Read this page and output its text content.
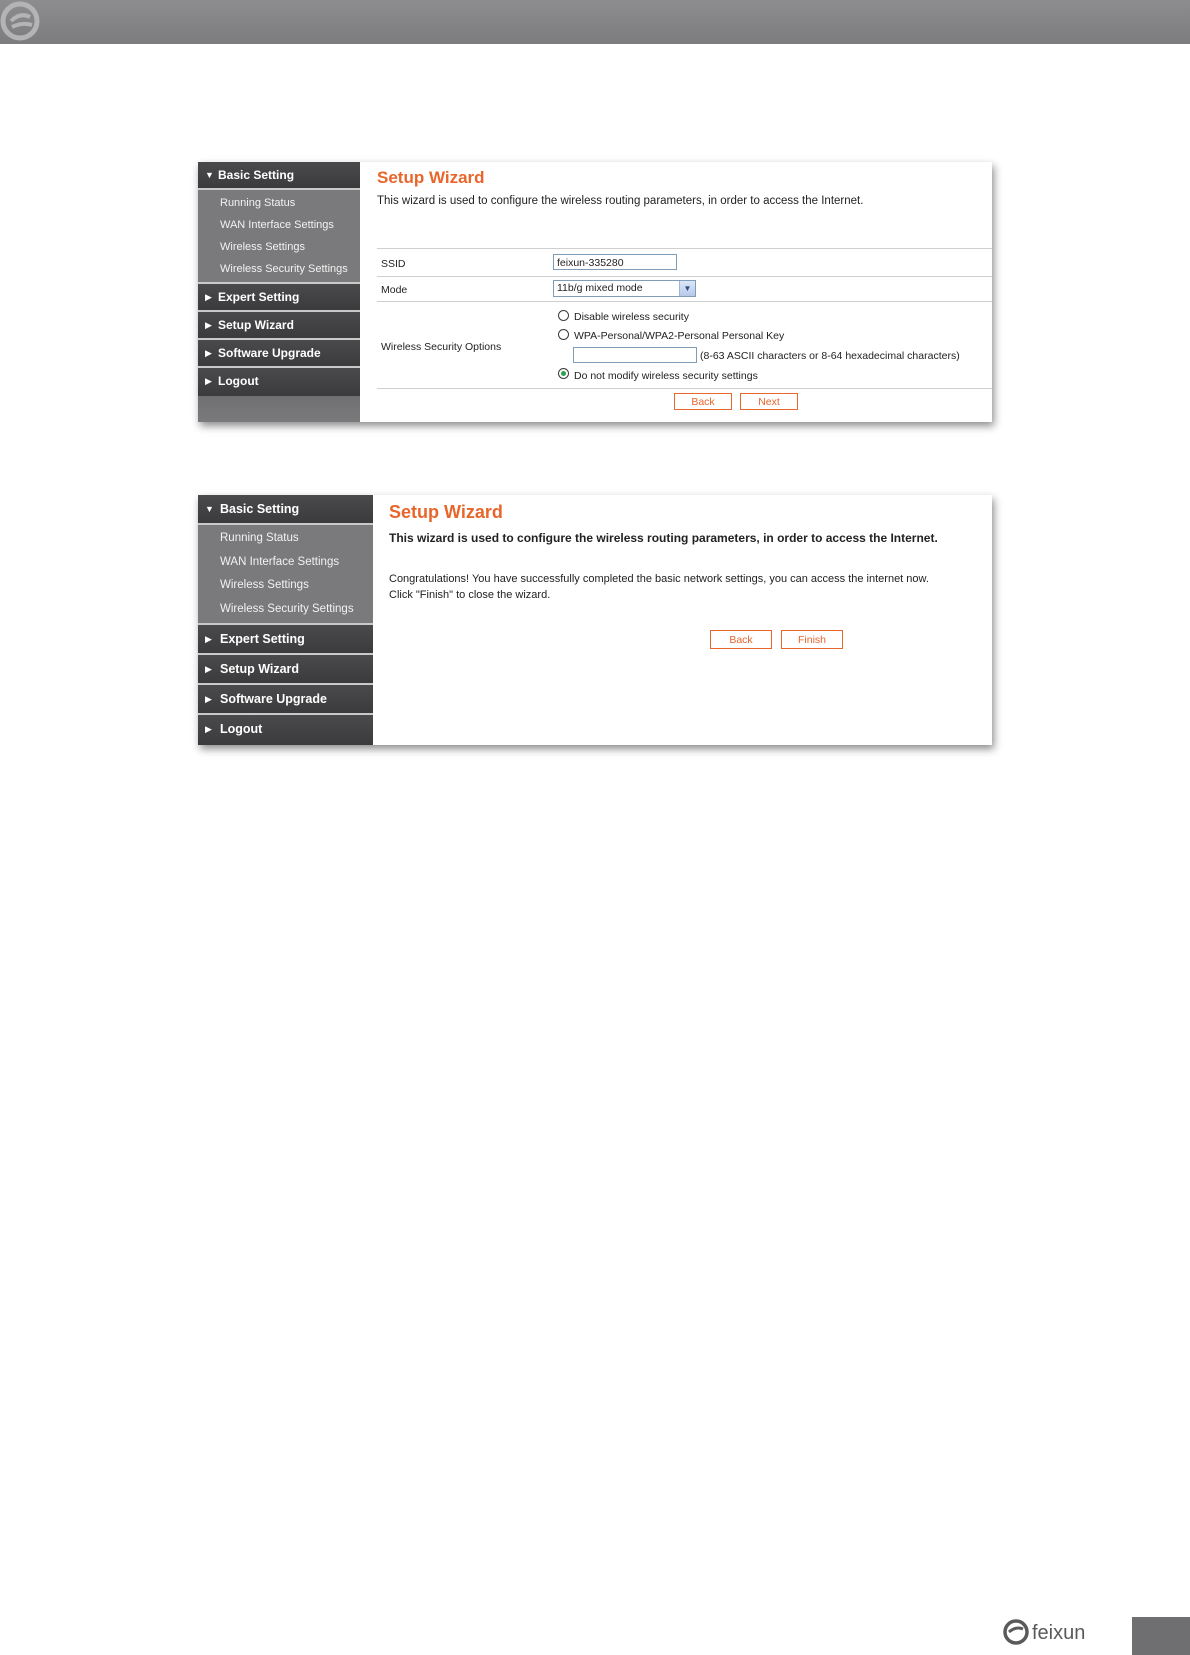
▼ Basic Setting
Running Status
WAN Interface Settings
Wireless Settings
Wireless Security Settings
▶ Expert Setting
▶ Setup Wizard
▶ Software Upgrade
▶ Logout
Setup Wizard
This wizard is used to configure the wireless routing parameters, in order to access the Internet.
SSID	feixun-335280
Mode	11b/g mixed mode	▼
Wireless Security Options
Disable wireless security
WPA-Personal/WPA2-Personal Personal Key
(8-63 ASCII characters or 8-64 hexadecimal characters)
Do not modify wireless security settings
Back	Next
▼ Basic Setting
Running Status
WAN Interface Settings
Wireless Settings
Wireless Security Settings
▶ Expert Setting
▶ Setup Wizard
▶ Software Upgrade
▶ Logout
Setup Wizard
This wizard is used to configure the wireless routing parameters, in order to access the Internet.
Congratulations! You have successfully completed the basic network settings, you can access the internet now.
Click "Finish" to close the wizard.
Back	Finish
feixun
